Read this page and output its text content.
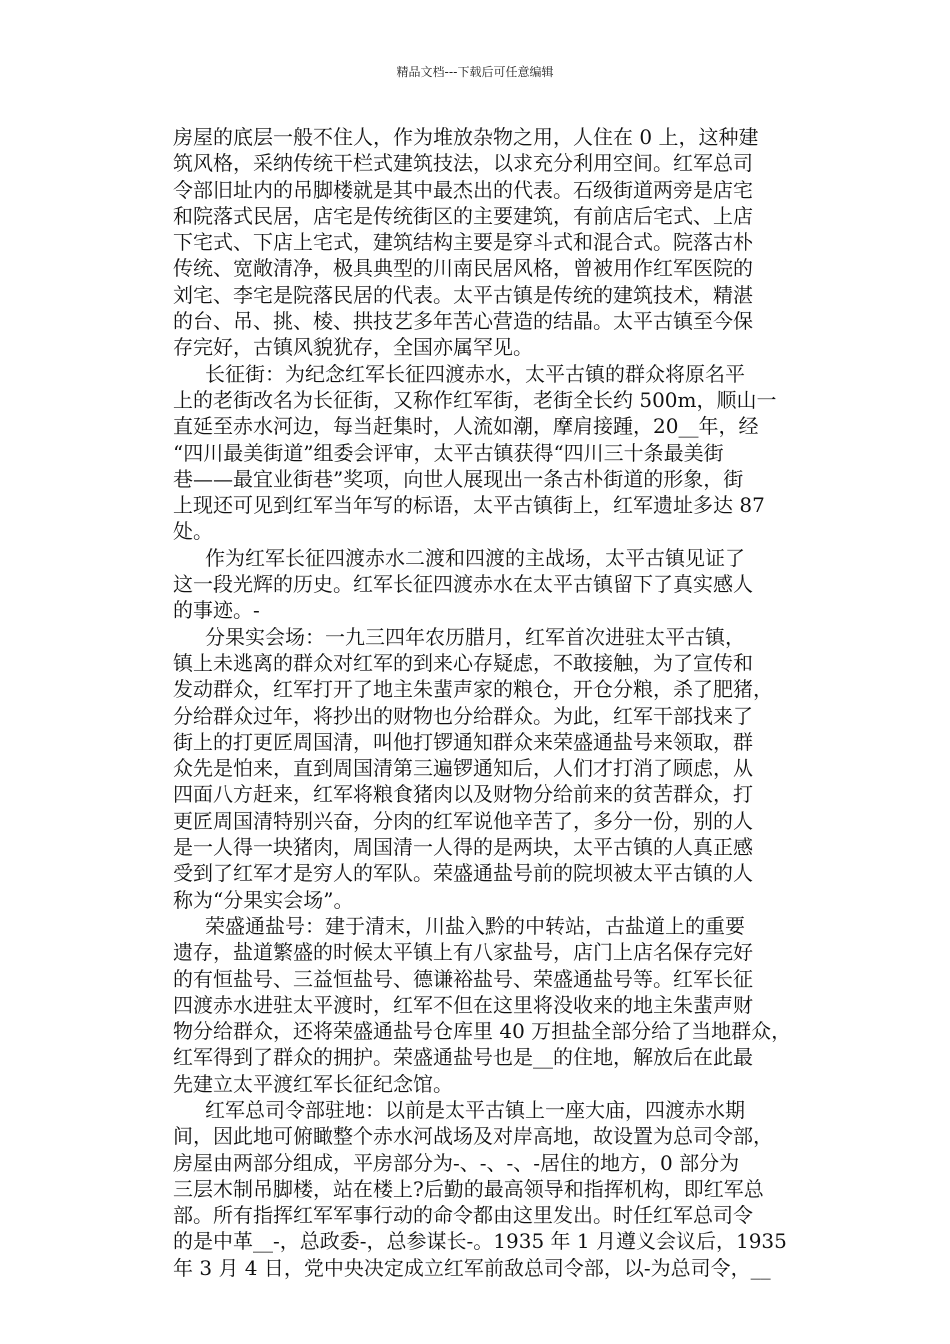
精品文档---下载后可任意编辑
房屋的底层一般不住人，作为堆放杂物之用，人住在 0 上，这种建
筑风格，采纳传统干栏式建筑技法，以求充分利用空间。红军总司
令部旧址内的吊脚楼就是其中最杰出的代表。石级街道两旁是店宅
和院落式民居，店宅是传统街区的主要建筑，有前店后宅式、上店
下宅式、下店上宅式，建筑结构主要是穿斗式和混合式。院落古朴
传统、宽敞清净，极具典型的川南民居风格，曾被用作红军医院的
刘宅、李宅是院落民居的代表。太平古镇是传统的建筑技术，精湛
的台、吊、挑、棱、拱技艺多年苦心营造的结晶。太平古镇至今保
存完好，古镇风貌犹存，全国亦属罕见。
长征街：为纪念红军长征四渡赤水，太平古镇的群众将原名平
上的老街改名为长征街，又称作红军街，老街全长约 500m，顺山一
直延至赤水河边，每当赶集时，人流如潮，摩肩接踵，20__年，经
“四川最美街道”组委会评审，太平古镇获得“四川三十条最美街
巷——最宜业街巷”奖项，向世人展现出一条古朴街道的形象，街
上现还可见到红军当年写的标语，太平古镇街上，红军遗址多达 87
处。
作为红军长征四渡赤水二渡和四渡的主战场，太平古镇见证了
这一段光辉的历史。红军长征四渡赤水在太平古镇留下了真实感人
的事迹。-
分果实会场：一九三四年农历腊月，红军首次进驻太平古镇，
镇上未逃离的群众对红军的到来心存疑虑，不敢接触，为了宣传和
发动群众，红军打开了地主朱蜚声家的粮仓，开仓分粮，杀了肥猪，
分给群众过年，将抄出的财物也分给群众。为此，红军干部找来了
街上的打更匠周国清，叫他打锣通知群众来荣盛通盐号来领取，群
众先是怕来，直到周国清第三遍锣通知后，人们才打消了顾虑，从
四面八方赶来，红军将粮食猪肉以及财物分给前来的贫苦群众，打
更匠周国清特别兴奋，分肉的红军说他辛苦了，多分一份，别的人
是一人得一块猪肉，周国清一人得的是两块，太平古镇的人真正感
受到了红军才是穷人的军队。荣盛通盐号前的院坝被太平古镇的人
称为“分果实会场”。
荣盛通盐号：建于清末，川盐入黔的中转站，古盐道上的重要
遗存，盐道繁盛的时候太平镇上有八家盐号，店门上店名保存完好
的有恒盐号、三益恒盐号、德谦裕盐号、荣盛通盐号等。红军长征
四渡赤水进驻太平渡时，红军不但在这里将没收来的地主朱蜚声财
物分给群众，还将荣盛通盐号仓库里 40 万担盐全部分给了当地群众，
红军得到了群众的拥护。荣盛通盐号也是__的住地，解放后在此最
先建立太平渡红军长征纪念馆。
红军总司令部驻地：以前是太平古镇上一座大庙，四渡赤水期
间，因此地可俯瞰整个赤水河战场及对岸高地，故设置为总司令部，
房屋由两部分组成，平房部分为-、-、-、-居住的地方，0 部分为
三层木制吊脚楼，站在楼上?后勤的最高领导和指挥机构，即红军总
部。所有指挥红军军事行动的命令都由这里发出。时任红军总司令
的是中革__-，总政委-，总参谋长-。1935 年 1 月遵义会议后，1935
年 3 月 4 日，党中央决定成立红军前敌总司令部，以-为总司令，__
